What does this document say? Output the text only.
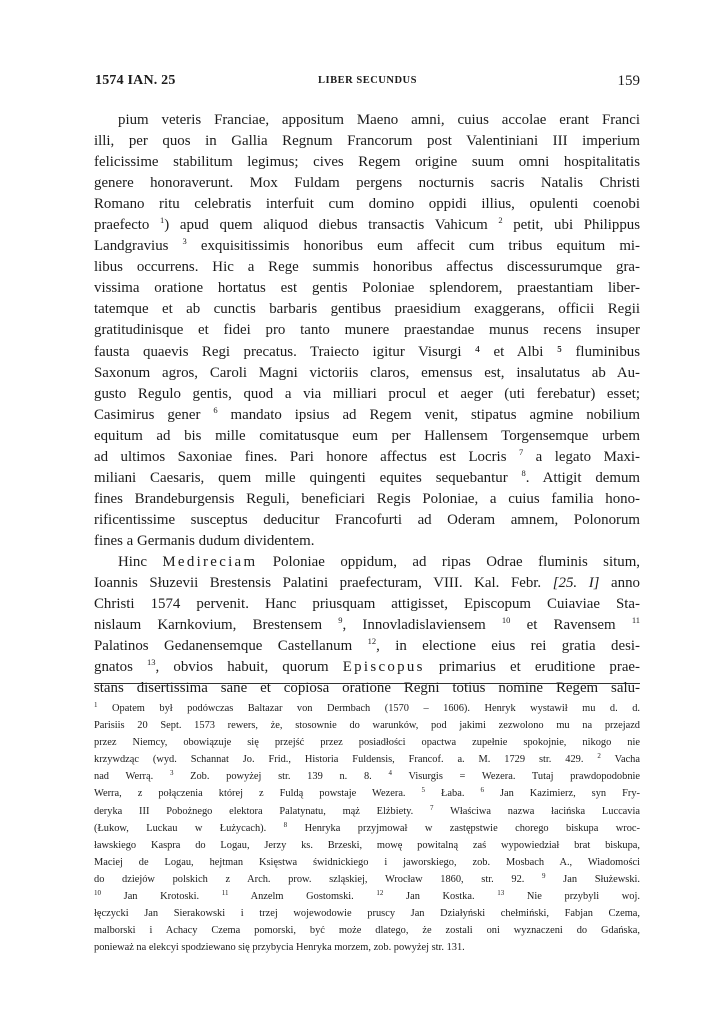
1574 IAN. 25	LIBER SECUNDUS	159
pium veteris Franciae, appositum Maeno amni, cuius accolae erant Franci
illi, per quos in Gallia Regnum Francorum post Valentiniani III imperium
felicissime stabilitum legimus; cives Regem origine suum omni hospitalitatis
genere honoraverunt. Mox Fuldam pergens nocturnis sacris Natalis Christi
Romano ritu celebratis interfuit cum domino oppidi illius, opulenti coenobi
praefecto $^1$) apud quem aliquod diebus transactis Vahicum $^2$ petit, ubi Philippus
Landgravius $^3$ exquisitissimis honoribus eum affecit cum tribus equitum mi-
libus occurrens. Hic a Rege summis honoribus affectus discessurumque gra-
vissima oratione hortatus est gentis Poloniae splendorem, praestantiam liber-
tatemque et ab cunctis barbaris gentibus praesidium exaggerans, officii Regii
gratitudinisque et fidei pro tanto munere praestandae munus recens insuper
fausta quaevis Regi precatus. Traiecto igitur Visurgi ⁴ et Albi ⁵ fluminibus
Saxonum agros, Caroli Magni victoriis claros, emensus est, insalutatus ab Au-
gusto Regulo gentis, quod a via milliari procul et aeger (uti ferebatur) esset;
Casimirus gener $^6$ mandato ipsius ad Regem venit, stipatus agmine nobilium
equitum ad bis mille comitatusque eum per Hallensem Torgensemque urbem
ad ultimos Saxoniae fines. Pari honore affectus est Locris $^7$ a legato Maxi-
miliani Caesaris, quem mille quingenti equites sequebantur $^8$. Attigit demum
fines Brandeburgensis Reguli, beneficiari Regis Poloniae, a cuius familia hono-
rificentissime susceptus deducitur Francofurti ad Oderam amnem, Polonorum
fines a Germanis dudum dividentem.
Hinc Medireciam Poloniae oppidum, ad ripas Odrae fluminis situm,
Ioannis Słuzevii Brestensis Palatini praefecturam, VIII. Kal. Febr. [25. I] anno
Christi 1574 pervenit. Hanc priusquam attigisset, Episcopum Cuiaviae Sta-
nislaum Karnkovium, Brestensem $^9$, Innovladislaviensem $^{10}$ et Ravensem $^{11}$
Palatinos Gedanensemque Castellanum $^{12}$, in electione eius rei gratia desi-
gnatos $^{13}$, obvios habuit, quorum Episcopus primarius et eruditione prae-
stans disertissima sane et copiosa oratione Regni totius nomine Regem salu-
$^1$ Opatem był podówczas Baltazar von Dermbach (1570 – 1606). Henryk wystawił mu d. d.
Parisiis 20 Sept. 1573 rewers, że, stosownie do warunków, pod jakimi zezwolono mu na przejazd
przez Niemcy, obowiązuje się przejść przez posiadłości opactwa zupełnie spokojnie, nikogo nie
krzywdząc (wyd. Schannat Jo. Frid., Historia Fuldensis, Francof. a. M. 1729 str. 429. $^2$ Vacha
nad Werrą. $^3$ Zob. powyżej str. 139 n. 8. $^4$ Visurgis = Wezera. Tutaj prawdopodobnie
Werra, z połączenia której z Fuldą powstaje Wezera. $^5$ Łaba. $^6$ Jan Kazimierz, syn Fry-
deryka III Pobożnego elektora Palatynatu, mąż Elżbiety. $^7$ Właściwa nazwa łacińska Luccavia
(Łukow, Luckau w Łużycach). $^8$ Henryka przyjmował w zastępstwie chorego biskupa wroc-
ławskiego Kaspra do Logau, Jerzy ks. Brzeski, mowę powitalną zaś wypowiedział brat biskupa,
Maciej de Logau, hejtman Księstwa świdnickiego i jaworskiego, zob. Mosbach A., Wiadomości
do dziejów polskich z Arch. prow. szląskiej, Wrocław 1860, str. 92. $^9$ Jan Służewski.
$^{10}$ Jan Krotoski. $^{11}$ Anzelm Gostomski. $^{12}$ Jan Kostka. $^{13}$ Nie przybyli woj.
łęczycki Jan Sierakowski i trzej wojewodowie pruscy Jan Działyński chełmiński, Fabjan Czema,
malborski i Achacy Czema pomorski, być może dlatego, że zostali oni wyznaczeni do Gdańska,
ponieważ na elekcyi spodziewano się przybycia Henryka morzem, zob. powyżej str. 131.
